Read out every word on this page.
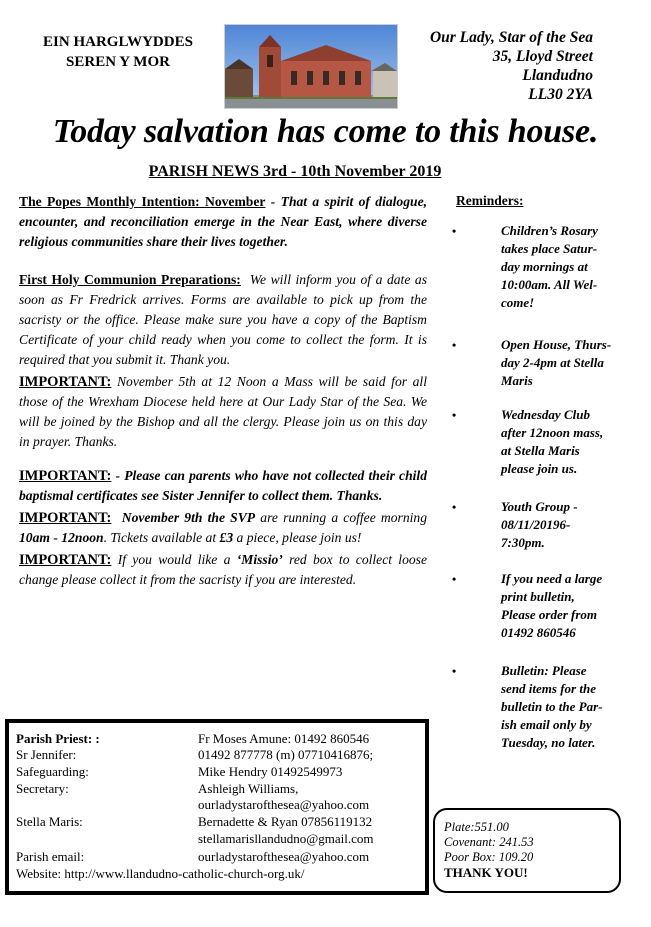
EIN HARGLWYDDES
SEREN Y MOR
Our Lady, Star of the Sea
35, Lloyd Street
Llandudno
LL30 2YA
Today salvation has come to this house.
PARISH NEWS 3rd - 10th November 2019

The Popes Monthly Intention: November - That a spirit of dialogue, encounter, and reconciliation emerge in the Near East, where diverse religious communities share their lives together.

First Holy Communion Preparations: We will inform you of a date as soon as Fr Fredrick arrives. Forms are available to pick up from the sacristy or the office. Please make sure you have a copy of the Baptism Certificate of your child ready when you come to collect the form. It is required that you submit it. Thank you.

IMPORTANT: November 5th at 12 Noon a Mass will be said for all those of the Wrexham Diocese held here at Our Lady Star of the Sea. We will be joined by the Bishop and all the clergy. Please join us on this day in prayer. Thanks.

IMPORTANT: - Please can parents who have not collected their child baptismal certificates see Sister Jennifer to collect them. Thanks.

IMPORTANT: November 9th the SVP are running a coffee morning 10am - 12noon. Tickets available at £3 a piece, please join us!

IMPORTANT: If you would like a ‘Missio’ red box to collect loose change please collect it from the sacristy if you are interested.

Reminders:
•	Children’s Rosary
takes place Satur-
day mornings at
10:00am. All Wel-
come!
•	Open House, Thurs-
day 2-4pm at Stella
Maris
•	Wednesday Club
after 12noon mass,
at Stella Maris
please join us.
•	Youth Group -
08/11/20196-
7:30pm.
•	If you need a large
print bulletin,
Please order from
01492 860546
•	Bulletin: Please
send items for the
bulletin to the Par-
ish email only by
Tuesday, no later.
Parish Priest: :	Fr Moses Amune: 01492 860546
Sr Jennifer:	01492 877778 (m) 07710416876;
Safeguarding:	Mike Hendry 01492549973
Secretary:	Ashleigh Williams,
ourladystarofthesea@yahoo.com
Stella Maris:	Bernadette & Ryan 07856119132
stellamarisllandudno@gmail.com
Parish email:	ourladystarofthesea@yahoo.com
Website: http://www.llandudno-catholic-church-org.uk/
Plate:551.00
Covenant: 241.53
Poor Box: 109.20
THANK YOU!
